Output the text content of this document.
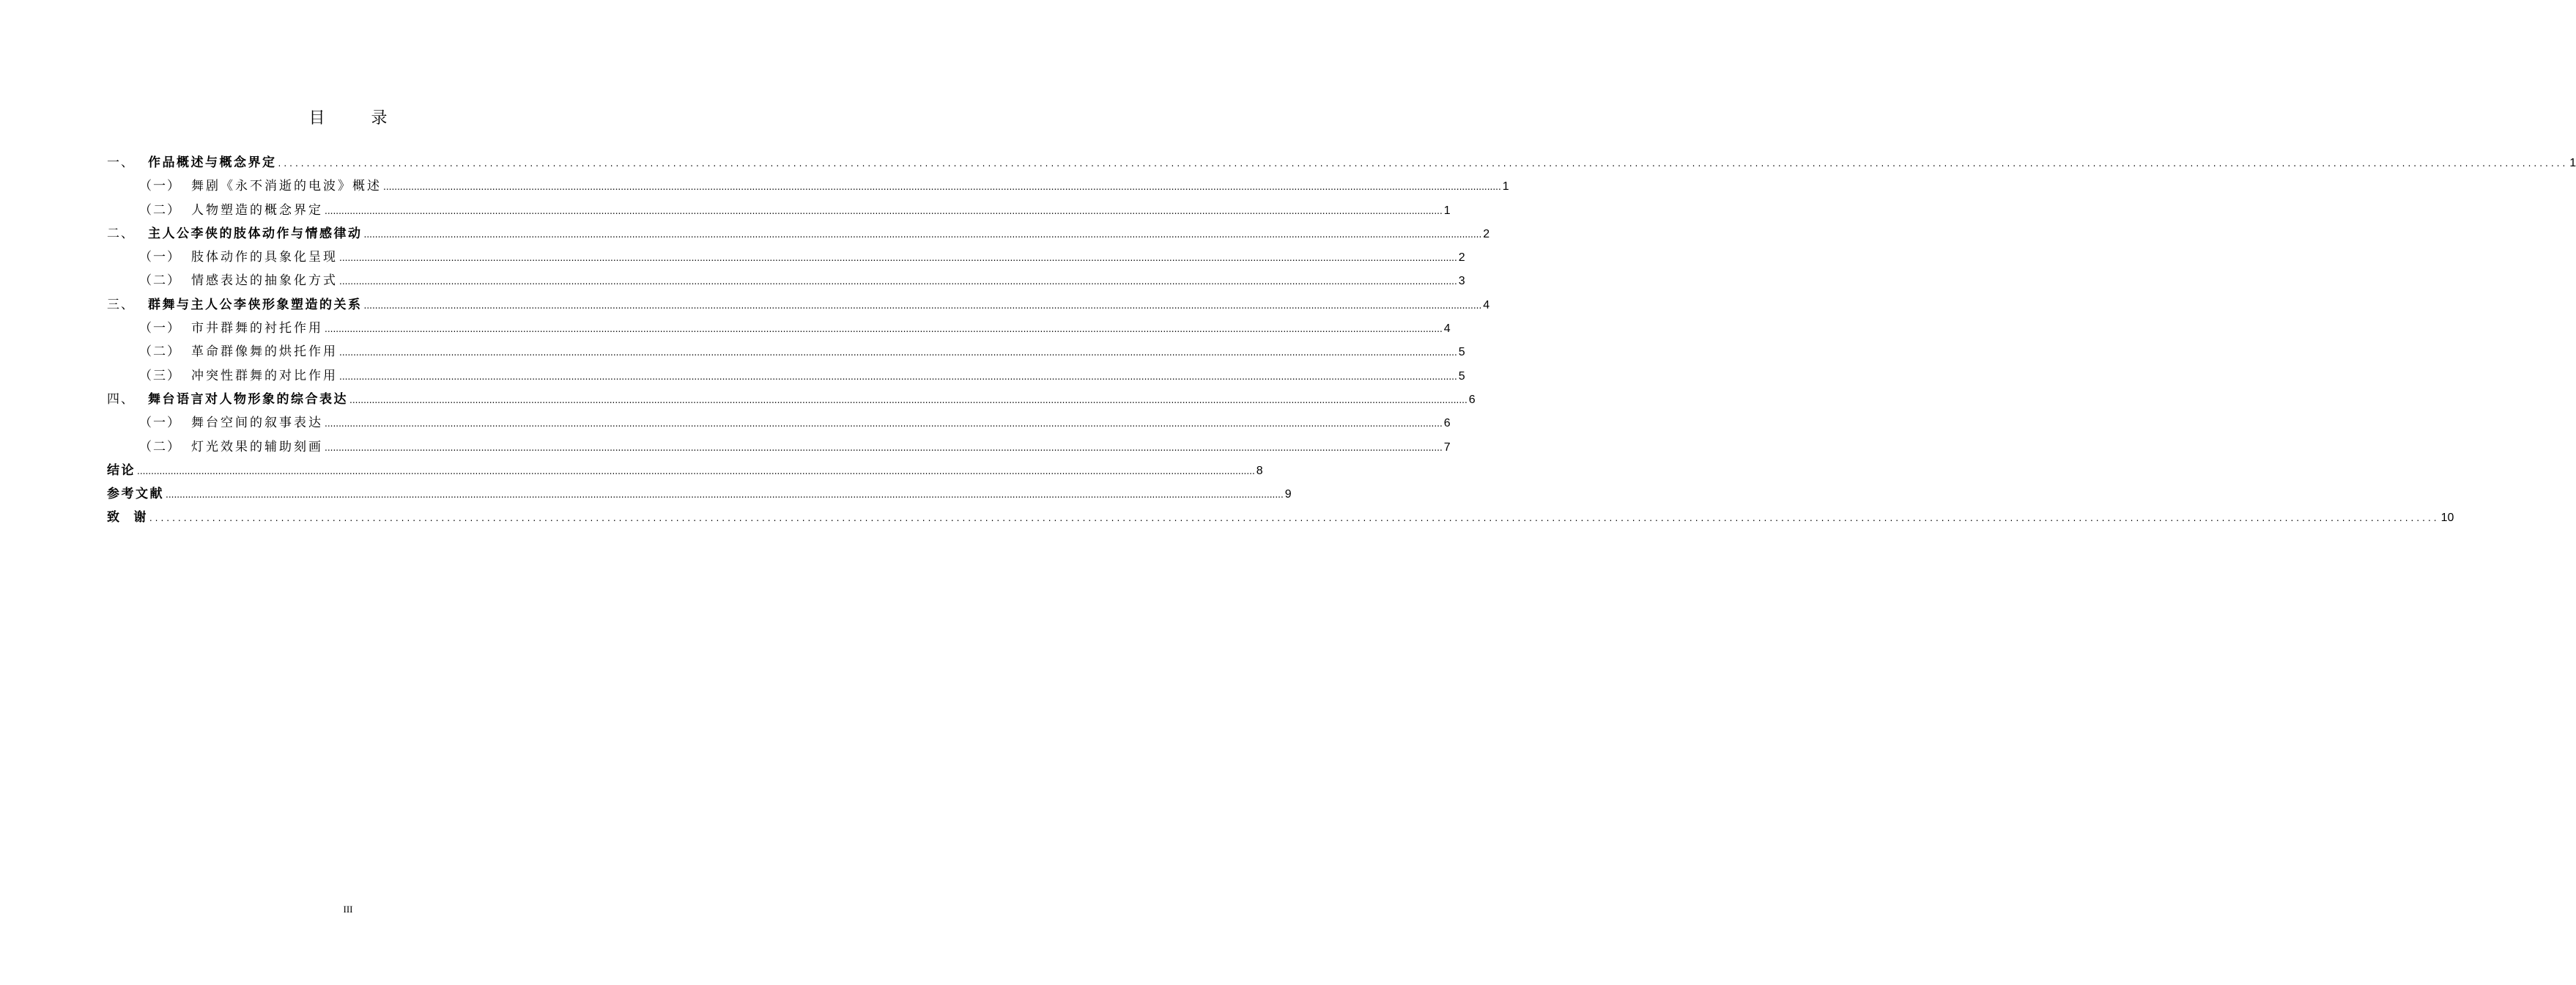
目 录
一、	作品概述与概念界定 ................................................................................................................................................................................................................................................................................................................................................................................................................ 1
（一） 舞剧《永不消逝的电波》概述 ................................................................................................................................................................................................................................................................................................................................................................................................................ 1
（二） 人物塑造的概念界定 ................................................................................................................................................................................................................................................................................................................................................................................................................ 1
二、	主人公李侠的肢体动作与情感律动 ................................................................................................................................................................................................................................................................................................................................................................................................................ 2
（一） 肢体动作的具象化呈现 ................................................................................................................................................................................................................................................................................................................................................................................................................ 2
（二） 情感表达的抽象化方式 ................................................................................................................................................................................................................................................................................................................................................................................................................ 3
三、	群舞与主人公李侠形象塑造的关系 ................................................................................................................................................................................................................................................................................................................................................................................................................ 4
（一） 市井群舞的衬托作用 ................................................................................................................................................................................................................................................................................................................................................................................................................ 4
（二） 革命群像舞的烘托作用 ................................................................................................................................................................................................................................................................................................................................................................................................................ 5
（三） 冲突性群舞的对比作用 ................................................................................................................................................................................................................................................................................................................................................................................................................ 5
四、	舞台语言对人物形象的综合表达 ................................................................................................................................................................................................................................................................................................................................................................................................................ 6
（一） 舞台空间的叙事表达 ................................................................................................................................................................................................................................................................................................................................................................................................................ 6
（二） 灯光效果的辅助刻画 ................................................................................................................................................................................................................................................................................................................................................................................................................ 7
结论 ................................................................................................................................................................................................................................................................................................................................................................................................................ 8
参考文献 ................................................................................................................................................................................................................................................................................................................................................................................................................ 9
致  谢 ................................................................................................................................................................................................................................................................................................................................................................................................................ 10
III
